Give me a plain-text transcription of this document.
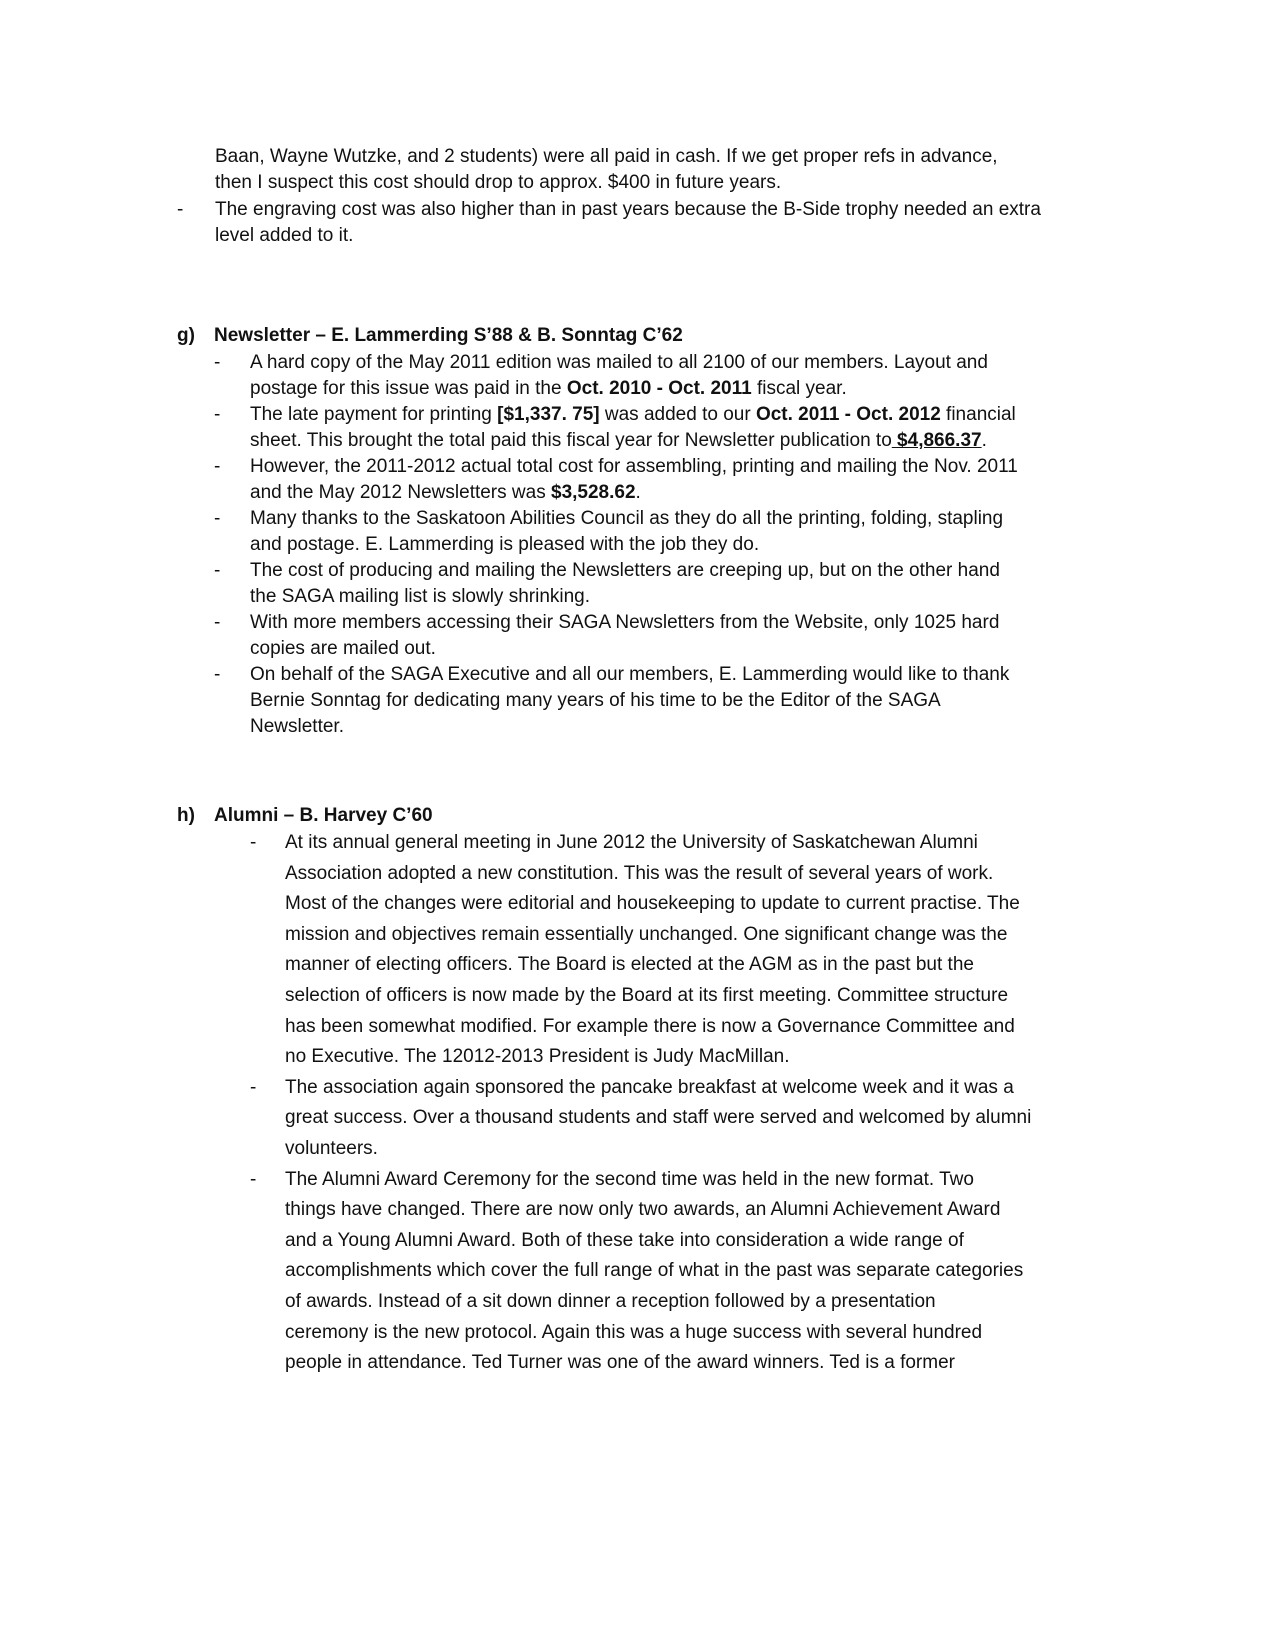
Baan, Wayne Wutzke, and 2 students) were all paid in cash. If we get proper refs in advance,
then I suspect this cost should drop to approx. $400 in future years.
- The engraving cost was also higher than in past years because the B-Side trophy needed an extra
level added to it.
g) Newsletter – E. Lammerding S’88 & B. Sonntag C’62
- A hard copy of the May 2011 edition was mailed to all 2100 of our members. Layout and
postage for this issue was paid in the Oct. 2010 - Oct. 2011 fiscal year.
- The late payment for printing [$1,337. 75] was added to our Oct. 2011 - Oct. 2012 financial
sheet. This brought the total paid this fiscal year for Newsletter publication to $4,866.37.
- However, the 2011-2012 actual total cost for assembling, printing and mailing the Nov. 2011
and the May 2012 Newsletters was $3,528.62.
- Many thanks to the Saskatoon Abilities Council as they do all the printing, folding, stapling
and postage. E. Lammerding is pleased with the job they do.
- The cost of producing and mailing the Newsletters are creeping up, but on the other hand
the SAGA mailing list is slowly shrinking.
- With more members accessing their SAGA Newsletters from the Website, only 1025 hard
copies are mailed out.
- On behalf of the SAGA Executive and all our members, E. Lammerding would like to thank
Bernie Sonntag for dedicating many years of his time to be the Editor of the SAGA
Newsletter.
h) Alumni – B. Harvey C’60
- At its annual general meeting in June 2012 the University of Saskatchewan Alumni
Association adopted a new constitution. This was the result of several years of work.
Most of the changes were editorial and housekeeping to update to current practise. The
mission and objectives remain essentially unchanged. One significant change was the
manner of electing officers. The Board is elected at the AGM as in the past but the
selection of officers is now made by the Board at its first meeting. Committee structure
has been somewhat modified. For example there is now a Governance Committee and
no Executive. The 12012-2013 President is Judy MacMillan.
- The association again sponsored the pancake breakfast at welcome week and it was a
great success. Over a thousand students and staff were served and welcomed by alumni
volunteers.
- The Alumni Award Ceremony for the second time was held in the new format. Two
things have changed. There are now only two awards, an Alumni Achievement Award
and a Young Alumni Award. Both of these take into consideration a wide range of
accomplishments which cover the full range of what in the past was separate categories
of awards. Instead of a sit down dinner a reception followed by a presentation
ceremony is the new protocol. Again this was a huge success with several hundred
people in attendance. Ted Turner was one of the award winners. Ted is a former
